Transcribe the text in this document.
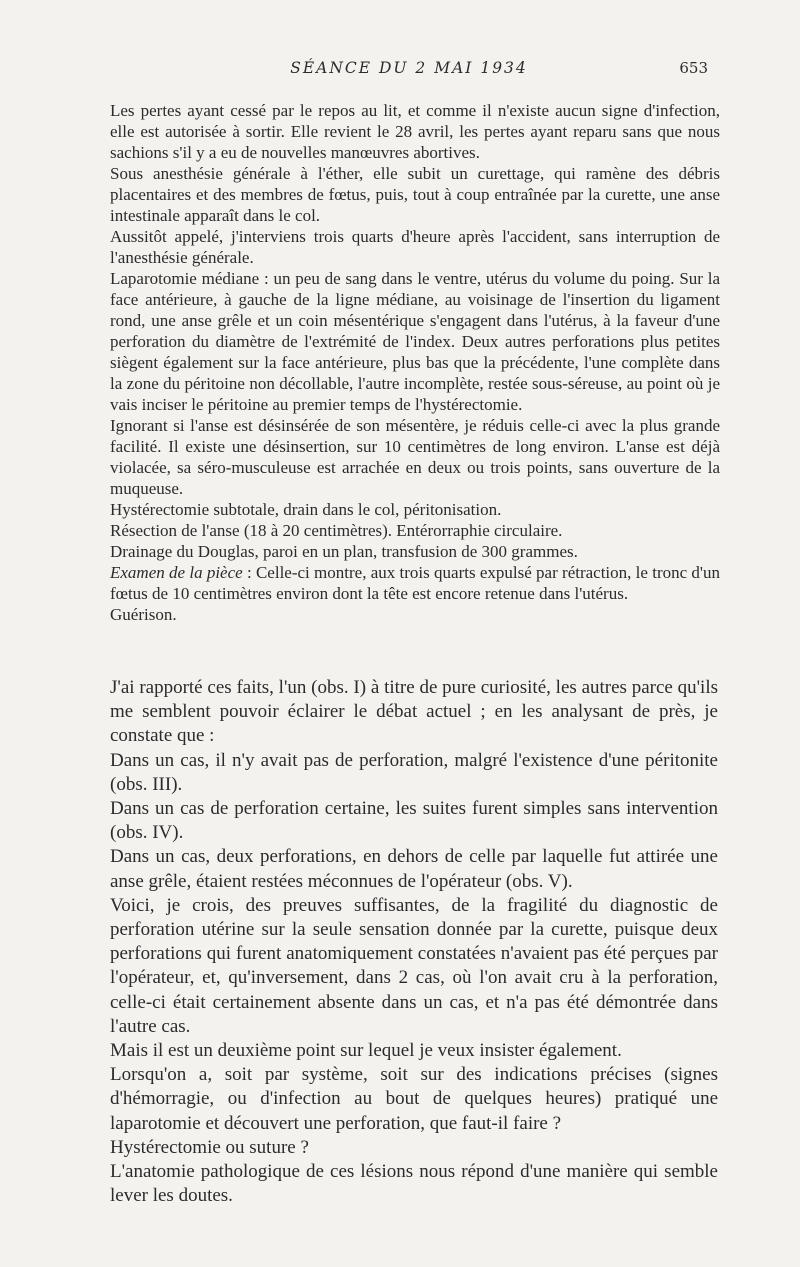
SÉANCE DU 2 MAI 1934	653

Les pertes ayant cessé par le repos au lit, et comme il n'existe aucun signe d'infection, elle est autorisée à sortir. Elle revient le 28 avril, les pertes ayant reparu sans que nous sachions s'il y a eu de nouvelles manœuvres abortives.

Sous anesthésie générale à l'éther, elle subit un curettage, qui ramène des débris placentaires et des membres de fœtus, puis, tout à coup entraînée par la curette, une anse intestinale apparaît dans le col.

Aussitôt appelé, j'interviens trois quarts d'heure après l'accident, sans interruption de l'anesthésie générale.

Laparotomie médiane : un peu de sang dans le ventre, utérus du volume du poing. Sur la face antérieure, à gauche de la ligne médiane, au voisinage de l'insertion du ligament rond, une anse grêle et un coin mésentérique s'engagent dans l'utérus, à la faveur d'une perforation du diamètre de l'extrémité de l'index. Deux autres perforations plus petites siègent également sur la face antérieure, plus bas que la précédente, l'une complète dans la zone du péritoine non décollable, l'autre incomplète, restée sous-séreuse, au point où je vais inciser le péritoine au premier temps de l'hystérectomie.

Ignorant si l'anse est désinsérée de son mésentère, je réduis celle-ci avec la plus grande facilité. Il existe une désinsertion, sur 10 centimètres de long environ. L'anse est déjà violacée, sa séro-musculeuse est arrachée en deux ou trois points, sans ouverture de la muqueuse.

Hystérectomie subtotale, drain dans le col, péritonisation.

Résection de l'anse (18 à 20 centimètres). Entérorraphie circulaire.

Drainage du Douglas, paroi en un plan, transfusion de 300 grammes.

Examen de la pièce : Celle-ci montre, aux trois quarts expulsé par rétraction, le tronc d'un fœtus de 10 centimètres environ dont la tête est encore retenue dans l'utérus.

Guérison.

J'ai rapporté ces faits, l'un (obs. I) à titre de pure curiosité, les autres parce qu'ils me semblent pouvoir éclairer le débat actuel ; en les analysant de près, je constate que :

Dans un cas, il n'y avait pas de perforation, malgré l'existence d'une péritonite (obs. III).

Dans un cas de perforation certaine, les suites furent simples sans intervention (obs. IV).

Dans un cas, deux perforations, en dehors de celle par laquelle fut attirée une anse grêle, étaient restées méconnues de l'opérateur (obs. V).

Voici, je crois, des preuves suffisantes, de la fragilité du diagnostic de perforation utérine sur la seule sensation donnée par la curette, puisque deux perforations qui furent anatomiquement constatées n'avaient pas été perçues par l'opérateur, et, qu'inversement, dans 2 cas, où l'on avait cru à la perforation, celle-ci était certainement absente dans un cas, et n'a pas été démontrée dans l'autre cas.

Mais il est un deuxième point sur lequel je veux insister également.

Lorsqu'on a, soit par système, soit sur des indications précises (signes d'hémorragie, ou d'infection au bout de quelques heures) pratiqué une laparotomie et découvert une perforation, que faut-il faire ?

Hystérectomie ou suture ?

L'anatomie pathologique de ces lésions nous répond d'une manière qui semble lever les doutes.
